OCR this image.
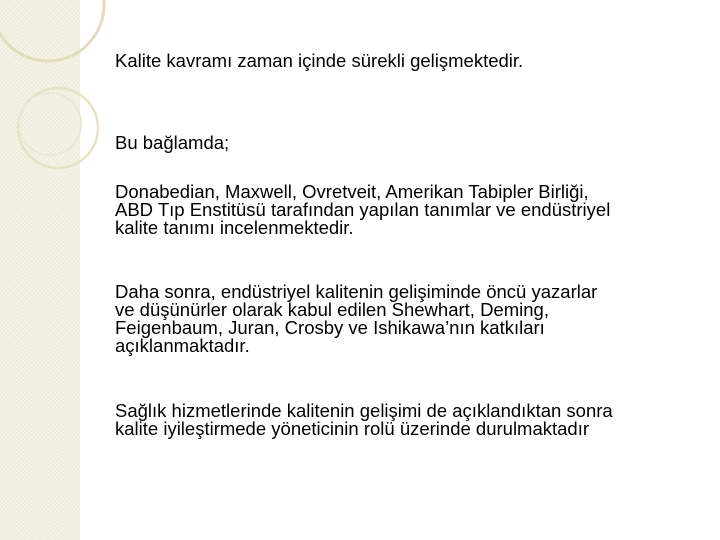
Kalite kavramı zaman içinde sürekli gelişmektedir.

Bu bağlamda;

Donabedian, Maxwell, Ovretveit, Amerikan Tabipler Birliği,
ABD Tıp Enstitüsü tarafından yapılan tanımlar ve endüstriyel
kalite tanımı incelenmektedir.

Daha sonra, endüstriyel kalitenin gelişiminde öncü yazarlar
ve düşünürler olarak kabul edilen Shewhart, Deming,
Feigenbaum, Juran, Crosby ve Ishikawa’nın katkıları
açıklanmaktadır.

Sağlık hizmetlerinde kalitenin gelişimi de açıklandıktan sonra
kalite iyileştirmede yöneticinin rolü üzerinde durulmaktadır
